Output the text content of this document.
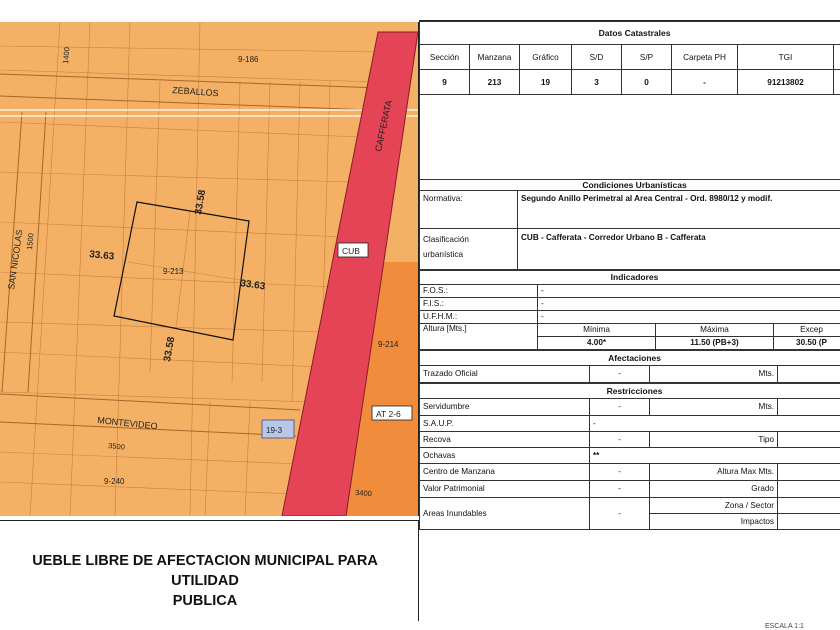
ZEBALLOS
MONTEVIDEO
SAN NICOLAS
CAFFERATA
1400
1500
3500
3400
9-186
9-213
9-214
9-240
19-3
33.58
33.58
33.63
33.63
CUB
AT 2-6
UEBLE LIBRE DE AFECTACION MUNICIPAL PARA UTILIDAD
PUBLICA
Datos Catastrales							
Sección	Manzana	Gráfico	S/D	S/P	Carpeta PH	TGI	
9	213	19	3	0	-	91213802	

Condiciones Urbanísticas	
Normativa:	Segundo Anillo Perimetral al Area Central - Ord. 8980/12 y modif.

Clasificación
urbanística	CUB - Cafferata - Corredor Urbano B - Cafferata
Indicadores			
F.O.S.:	-		
F.I.S.:	-		
U.F.H.M.:	-		
Altura [Mts.]	Mínima	Máxima	Excep
	4.00*	11.50 (PB+3)	30.50 (P
Afectaciones
Trazado Oficial	-	Mts.	
Restricciones			
Servidumbre	-	Mts.	
S.A.U.P.	-		
Recova	-	Tipo	
Ochavas	**		
Centro de Manzana	-	Altura Max Mts.	
Valor Patrimonial	-	Grado	
Areas Inundables	-	Zona / Sector	
		Impactos	
ESCALA 1:1
